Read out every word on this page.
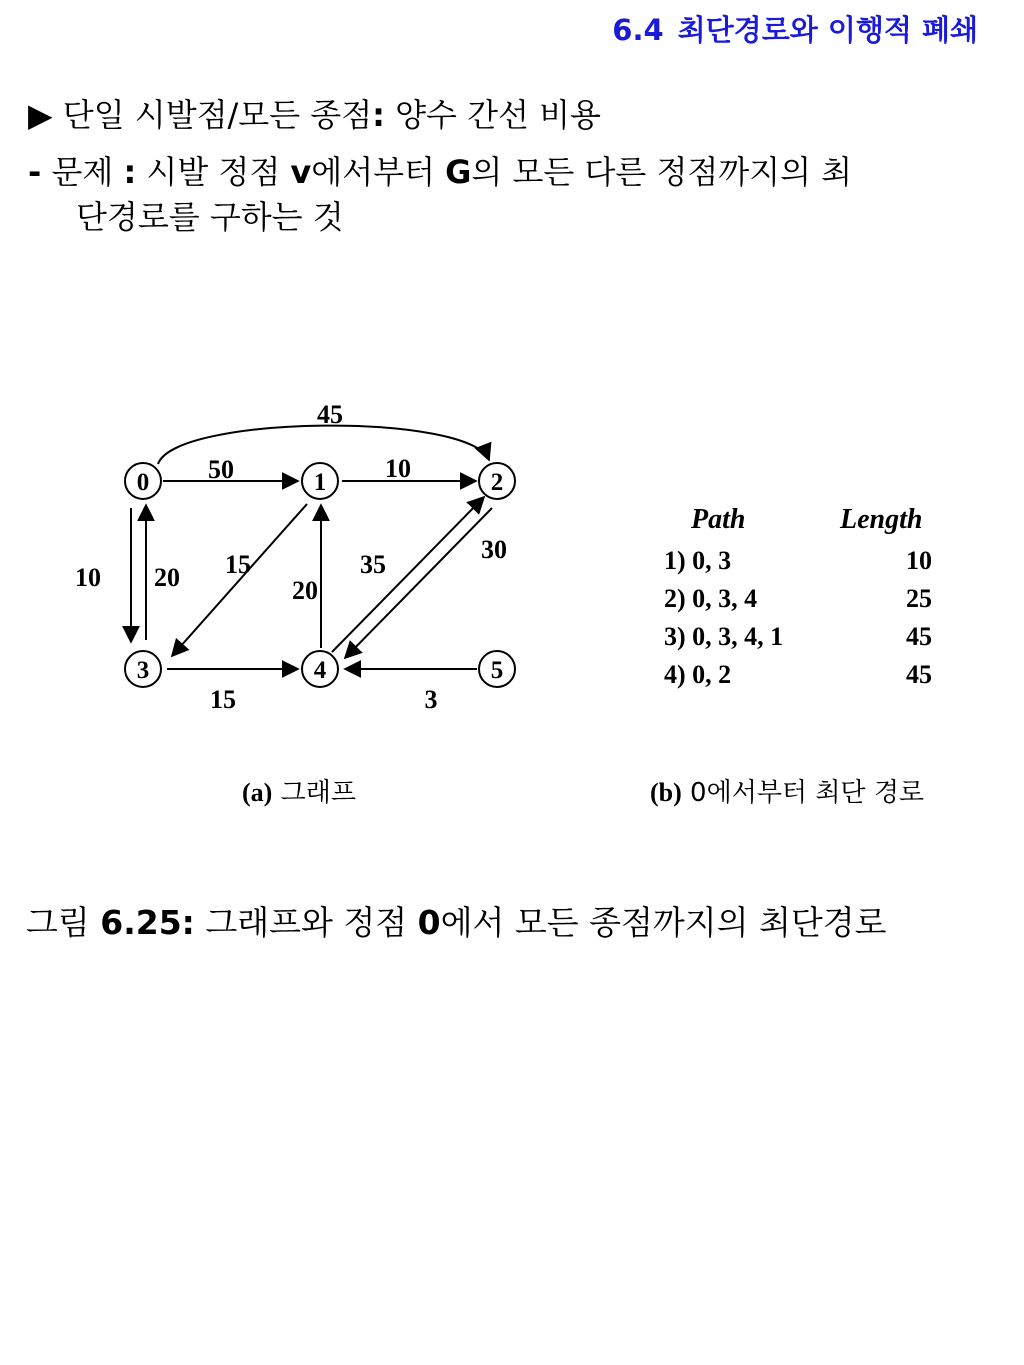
6.4 최단경로와 이행적 폐쇄
▶ 단일 시발점/모든 종점: 양수 간선 비용
- 문제 : 시발 정점 v에서부터 G의 모든 다른 정점까지의 최
단경로를 구하는 것
0	1	2
3	4	5
50	10
45
10 20 15
20
35
30
15	3
Path	Length
1) 0, 3	10
2) 0, 3, 4	25
3) 0, 3, 4, 1	45
4) 0, 2	45
(a) 그래프	(b) 0에서부터 최단 경로
그림 6.25: 그래프와 정점 0에서 모든 종점까지의 최단경로
